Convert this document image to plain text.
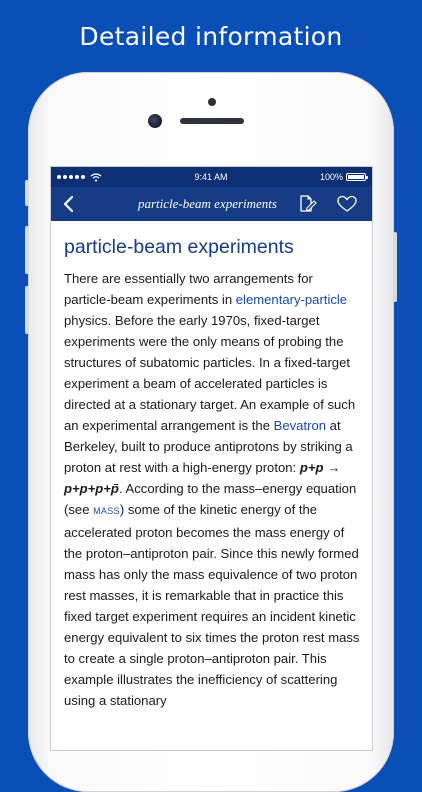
Detailed information
9:41 AM	100%
particle-beam experiments
particle-beam experiments

There are essentially two arrangements for particle-beam experiments in elementary-particle physics. Before the early 1970s, fixed-target experiments were the only means of probing the structures of subatomic particles. In a fixed-target experiment a beam of accelerated particles is directed at a stationary target. An example of such an experimental arrangement is the Bevatron at Berkeley, built to produce antiprotons by striking a proton at rest with a high-energy proton: p+p → p+p+p+p̄. According to the mass–energy equation (see MASS) some of the kinetic energy of the accelerated proton becomes the mass energy of the proton–antiproton pair. Since this newly formed mass has only the mass equivalence of two proton rest masses, it is remarkable that in practice this fixed target experiment requires an incident kinetic energy equivalent to six times the proton rest mass to create a single proton–antiproton pair. This example illustrates the inefficiency of scattering using a stationary
